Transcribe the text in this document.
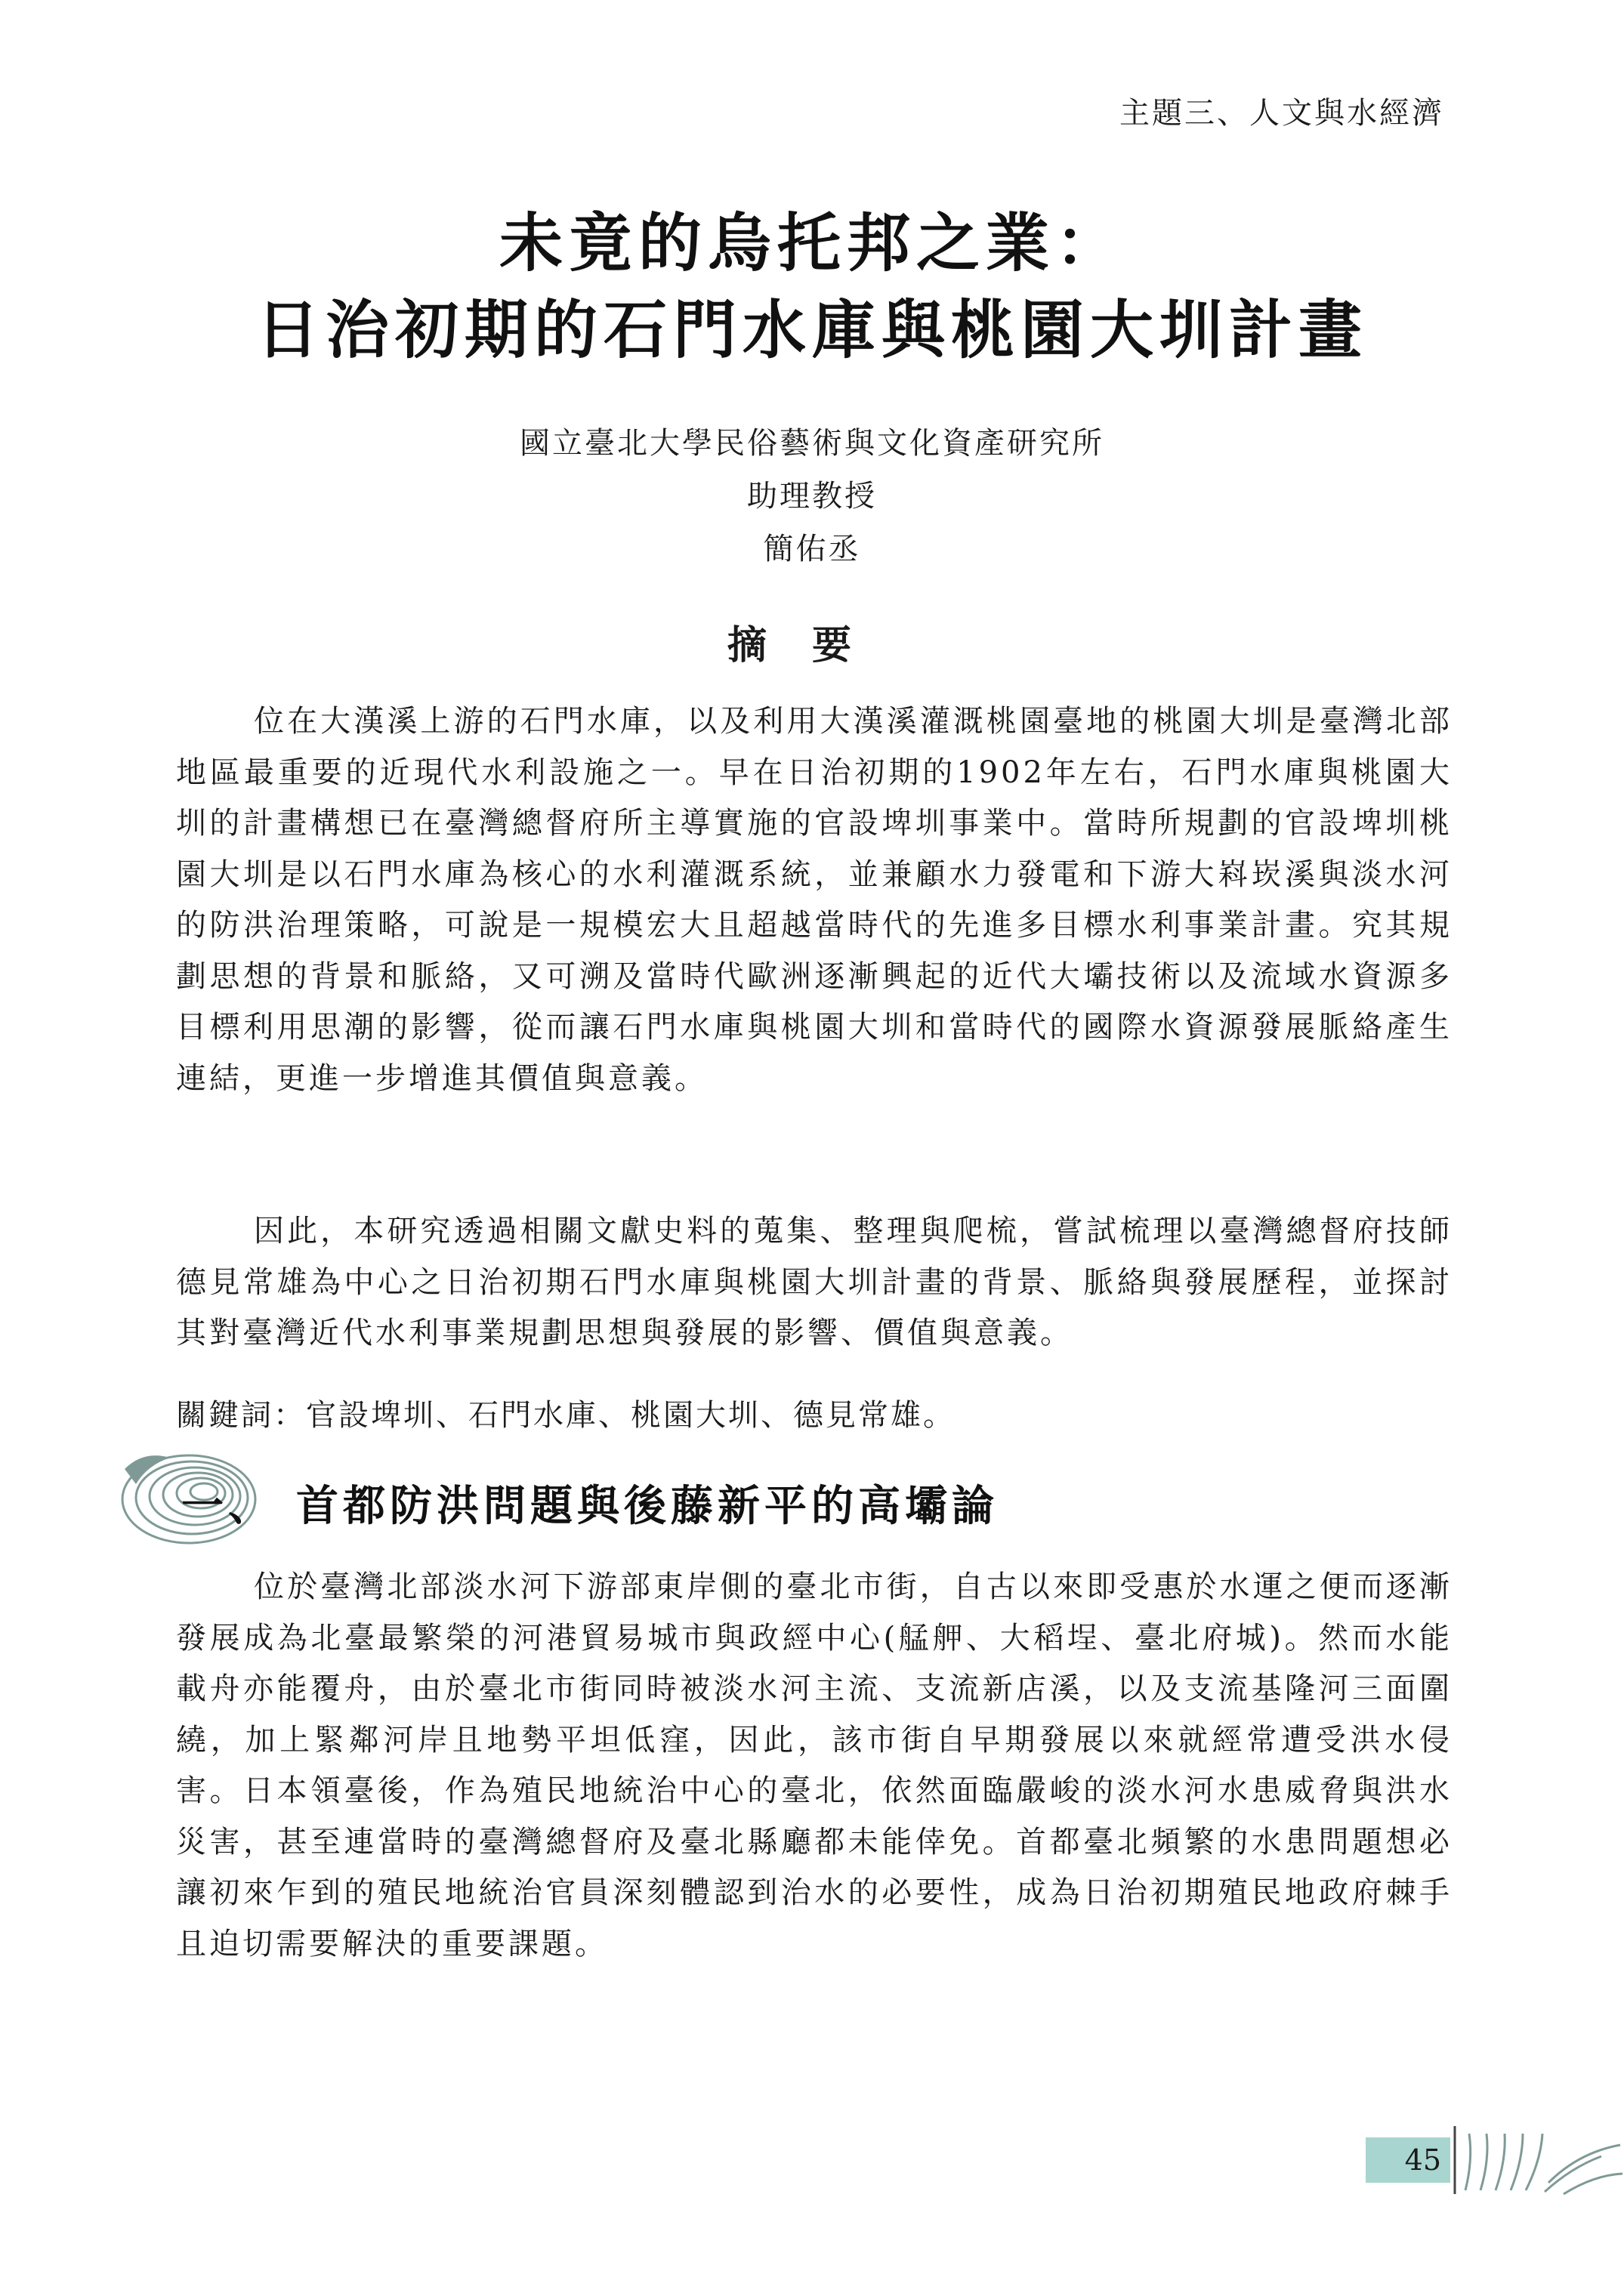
主題三、人文與水經濟
未竟的烏托邦之業：
日治初期的石門水庫與桃園大圳計畫
國立臺北大學民俗藝術與文化資產研究所
助理教授
簡佑丞
摘要

位在大漢溪上游的石門水庫，以及利用大漢溪灌溉桃園臺地的桃園大圳是臺灣北部地區最重要的近現代水利設施之一。早在日治初期的1902年左右，石門水庫與桃園大圳的計畫構想已在臺灣總督府所主導實施的官設埤圳事業中。當時所規劃的官設埤圳桃園大圳是以石門水庫為核心的水利灌溉系統，並兼顧水力發電和下游大嵙崁溪與淡水河的防洪治理策略，可說是一規模宏大且超越當時代的先進多目標水利事業計畫。究其規劃思想的背景和脈絡，又可溯及當時代歐洲逐漸興起的近代大壩技術以及流域水資源多目標利用思潮的影響，從而讓石門水庫與桃園大圳和當時代的國際水資源發展脈絡產生連結，更進一步增進其價值與意義。

因此，本研究透過相關文獻史料的蒐集、整理與爬梳，嘗試梳理以臺灣總督府技師德見常雄為中心之日治初期石門水庫與桃園大圳計畫的背景、脈絡與發展歷程，並探討其對臺灣近代水利事業規劃思想與發展的影響、價值與意義。

關鍵詞：官設埤圳、石門水庫、桃園大圳、德見常雄。
一、 首都防洪問題與後藤新平的高壩論

位於臺灣北部淡水河下游部東岸側的臺北市街，自古以來即受惠於水運之便而逐漸發展成為北臺最繁榮的河港貿易城市與政經中心(艋舺、大稻埕、臺北府城)。然而水能載舟亦能覆舟，由於臺北市街同時被淡水河主流、支流新店溪，以及支流基隆河三面圍繞，加上緊鄰河岸且地勢平坦低窪，因此，該市街自早期發展以來就經常遭受洪水侵害。日本領臺後，作為殖民地統治中心的臺北，依然面臨嚴峻的淡水河水患威脅與洪水災害，甚至連當時的臺灣總督府及臺北縣廳都未能倖免。首都臺北頻繁的水患問題想必讓初來乍到的殖民地統治官員深刻體認到治水的必要性，成為日治初期殖民地政府棘手且迫切需要解決的重要課題。

45
